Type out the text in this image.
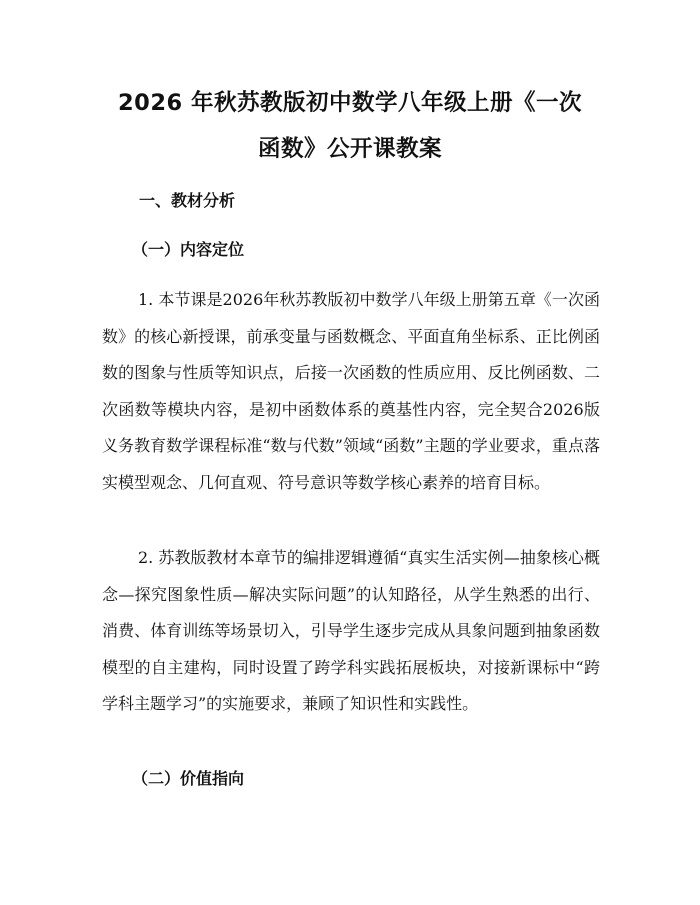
2026 年秋苏教版初中数学八年级上册《一次
函数》公开课教案
一、教材分析
（一）内容定位

1. 本节课是2026年秋苏教版初中数学八年级上册第五章《一次函数》的核心新授课，前承变量与函数概念、平面直角坐标系、正比例函数的图象与性质等知识点，后接一次函数的性质应用、反比例函数、二次函数等模块内容，是初中函数体系的奠基性内容，完全契合2026版义务教育数学课程标准“数与代数”领域“函数”主题的学业要求，重点落实模型观念、几何直观、符号意识等数学核心素养的培育目标。

2. 苏教版教材本章节的编排逻辑遵循“真实生活实例—抽象核心概念—探究图象性质—解决实际问题”的认知路径，从学生熟悉的出行、消费、体育训练等场景切入，引导学生逐步完成从具象问题到抽象函数模型的自主建构，同时设置了跨学科实践拓展板块，对接新课标中“跨学科主题学习”的实施要求，兼顾了知识性和实践性。

（二）价值指向
